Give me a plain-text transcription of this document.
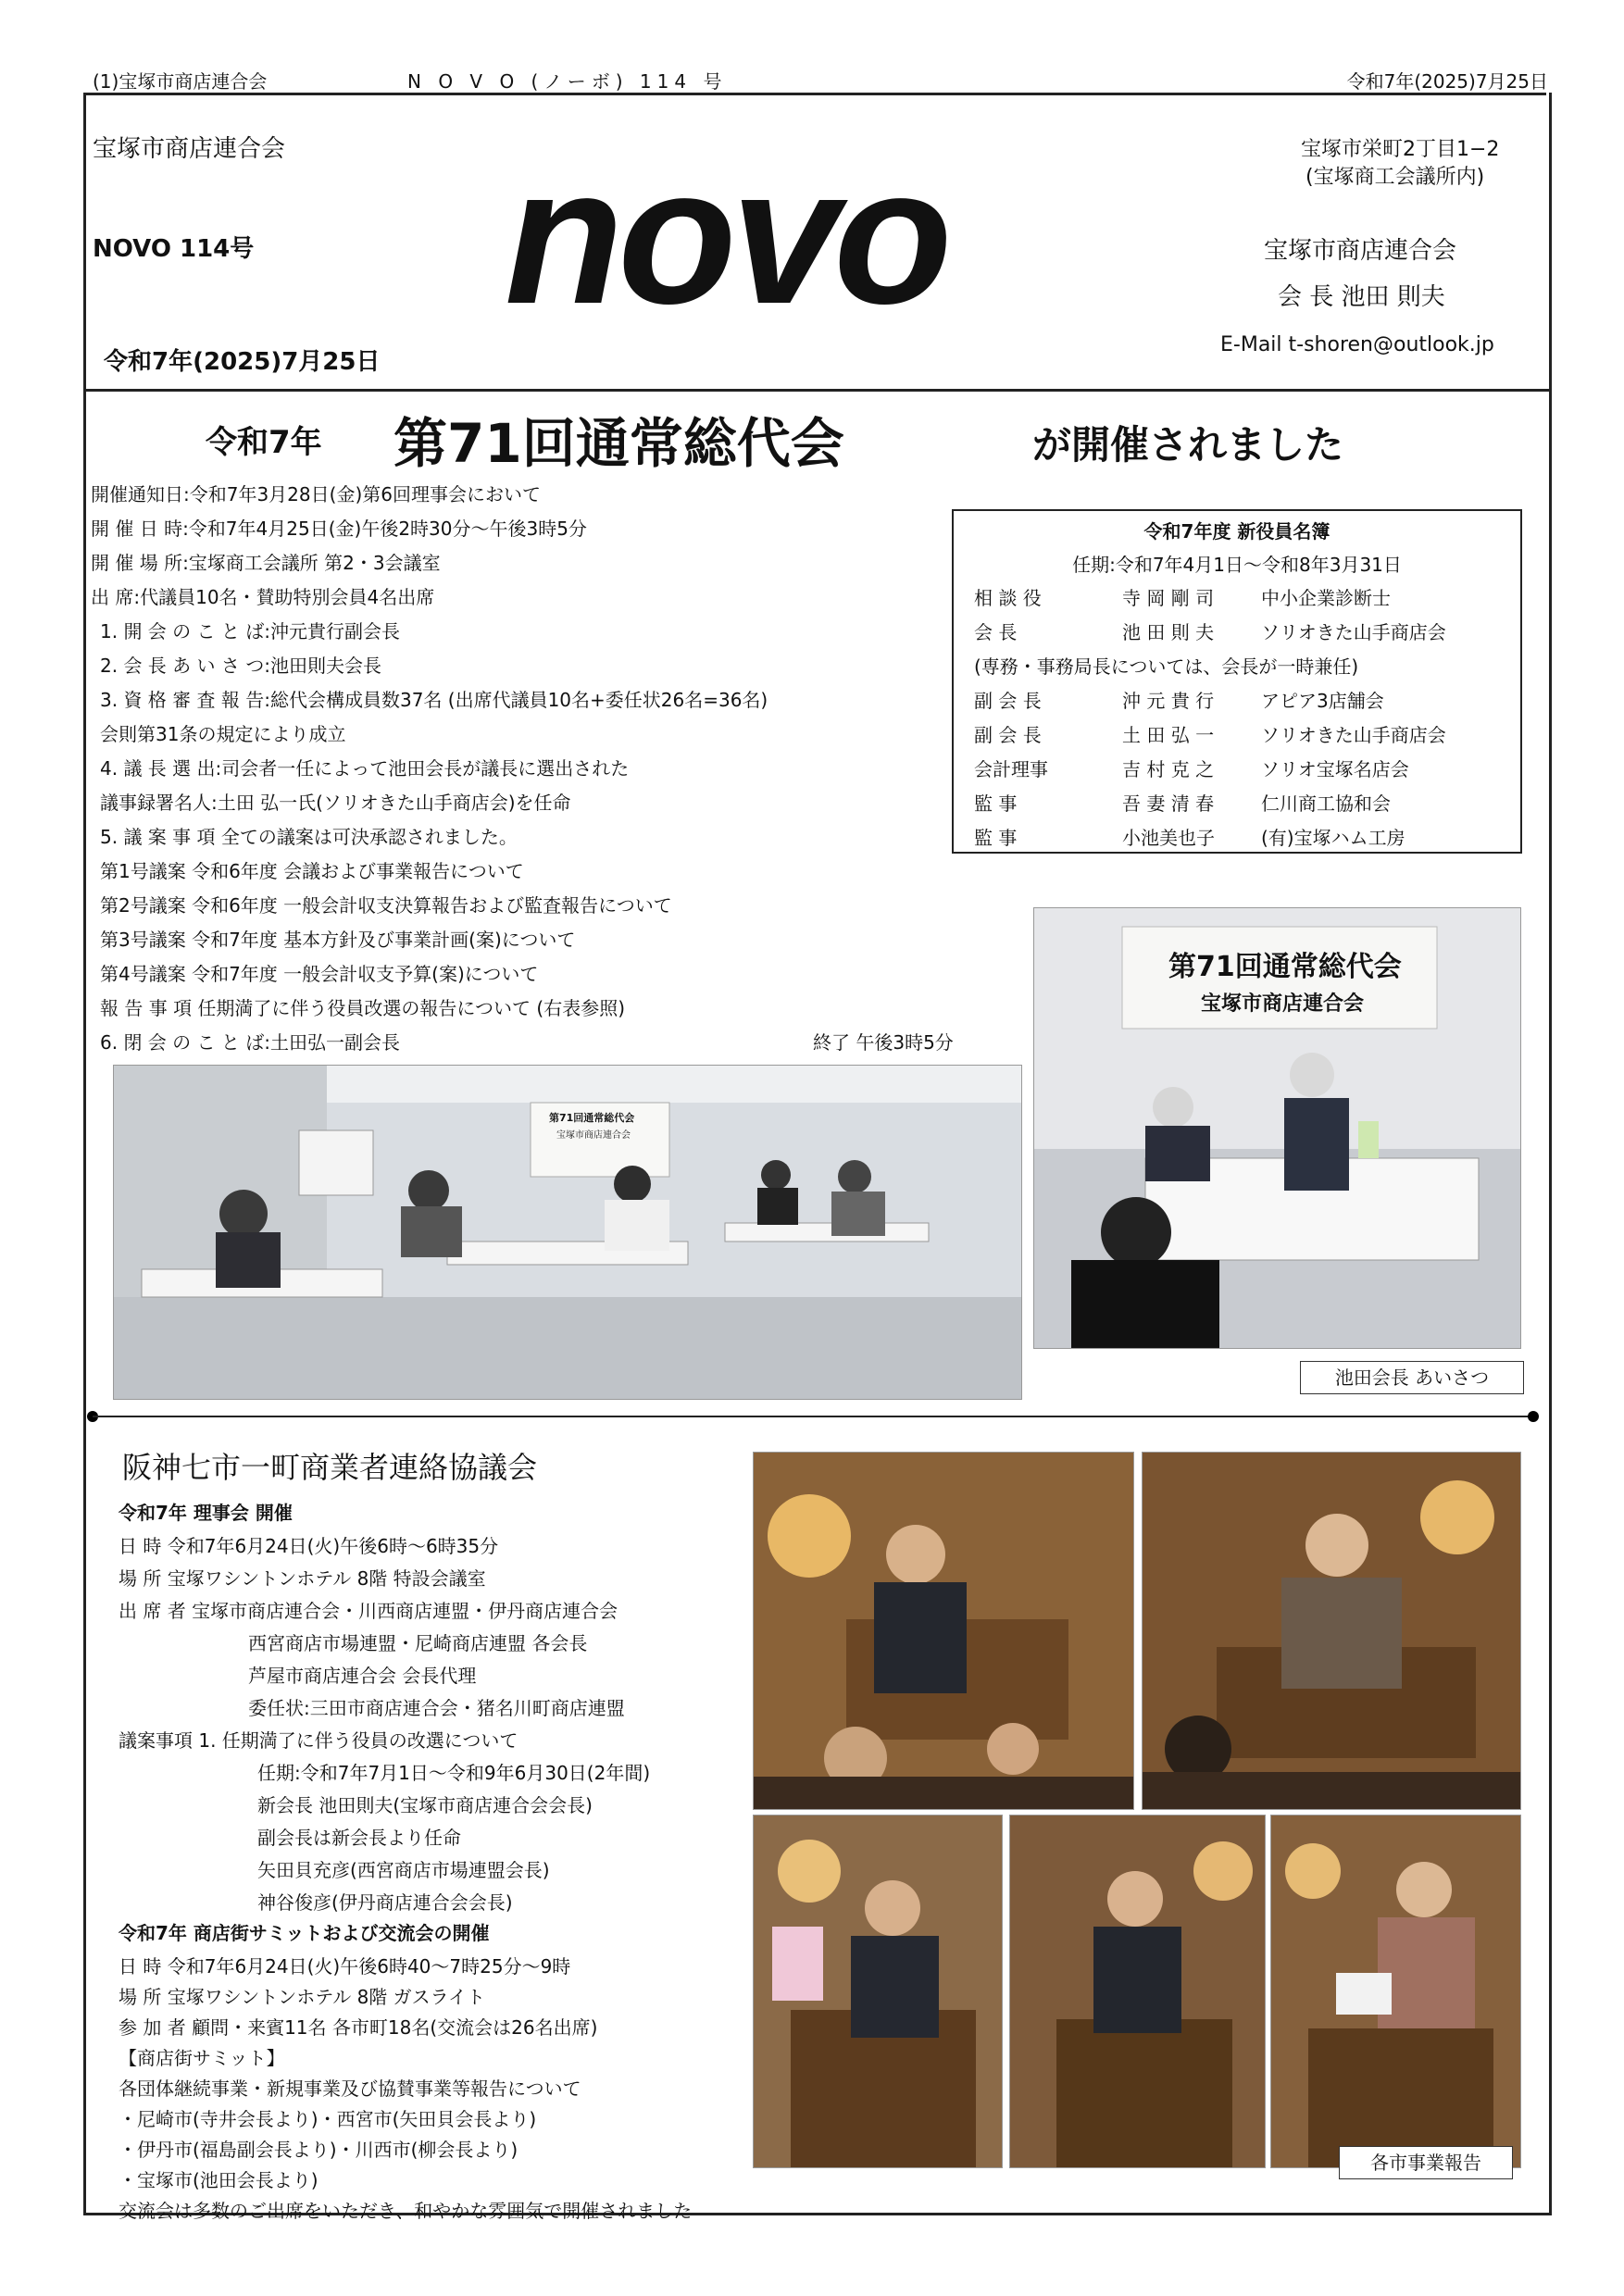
(1)宝塚市商店連合会	N O V O (ノーボ) 114 号	令和7年(2025)7月25日
宝塚市商店連合会
NOVO 114号
令和7年(2025)7月25日
novo	宝塚市栄町2丁目1−2
(宝塚商工会議所内)
宝塚市商店連合会
会 長 池田 則夫
E-Mail t-shoren@outlook.jp
令和7年 第71回通常総代会	が開催されました
開催通知日:令和7年3月28日(金)第6回理事会において
開 催 日 時:令和7年4月25日(金)午後2時30分〜午後3時5分
開 催 場 所:宝塚商工会議所 第2・3会議室
出 席:代議員10名・賛助特別会員4名出席
1. 開 会 の こ と ば:沖元貴行副会長
2. 会 長 あ い さ つ:池田則夫会長
3. 資 格 審 査 報 告:総代会構成員数37名 (出席代議員10名+委任状26名=36名)
会則第31条の規定により成立
4. 議 長 選 出:司会者一任によって池田会長が議長に選出された
議事録署名人:土田 弘一氏(ソリオきた山手商店会)を任命
5. 議 案 事 項 全ての議案は可決承認されました。
第1号議案 令和6年度 会議および事業報告について
第2号議案 令和6年度 一般会計収支決算報告および監査報告について
第3号議案 令和7年度 基本方針及び事業計画(案)について
第4号議案 令和7年度 一般会計収支予算(案)について
報 告 事 項 任期満了に伴う役員改選の報告について (右表参照)
6. 閉 会 の こ と ば:土田弘一副会長	終了 午後3時5分
令和7年度 新役員名簿
任期:令和7年4月1日〜令和8年3月31日
相 談 役	寺 岡 剛 司	中小企業診断士
会 長	池 田 則 夫	ソリオきた山手商店会
(専務・事務局長については、会長が一時兼任)
副 会 長	沖 元 貴 行	アピア3店舗会
副 会 長	土 田 弘 一	ソリオきた山手商店会
会計理事	吉 村 克 之	ソリオ宝塚名店会
監 事	吾 妻 清 春	仁川商工協和会
監 事	小池美也子	(有)宝塚ハム工房
第71回通常総代会
宝塚市商店連合会
第71回通常総代会
宝塚市商店連合会
池田会長 あいさつ
阪神七市一町商業者連絡協議会
令和7年 理事会 開催
日 時 令和7年6月24日(火)午後6時〜6時35分
場 所 宝塚ワシントンホテル 8階 特設会議室
出 席 者 宝塚市商店連合会・川西商店連盟・伊丹商店連合会
西宮商店市場連盟・尼崎商店連盟 各会長
芦屋市商店連合会 会長代理
委任状:三田市商店連合会・猪名川町商店連盟
議案事項 1. 任期満了に伴う役員の改選について
任期:令和7年7月1日〜令和9年6月30日(2年間)
新会長 池田則夫(宝塚市商店連合会会長)
副会長は新会長より任命
矢田貝充彦(西宮商店市場連盟会長)
神谷俊彦(伊丹商店連合会会長)
令和7年 商店街サミットおよび交流会の開催
日 時 令和7年6月24日(火)午後6時40〜7時25分〜9時
場 所 宝塚ワシントンホテル 8階 ガスライト
参 加 者 顧問・来賓11名 各市町18名(交流会は26名出席)
【商店街サミット】
各団体継続事業・新規事業及び協賛事業等報告について
・尼崎市(寺井会長より)・西宮市(矢田貝会長より)
・伊丹市(福島副会長より)・川西市(柳会長より)
・宝塚市(池田会長より)
交流会は多数のご出席をいただき、和やかな雰囲気で開催されました
各市事業報告
